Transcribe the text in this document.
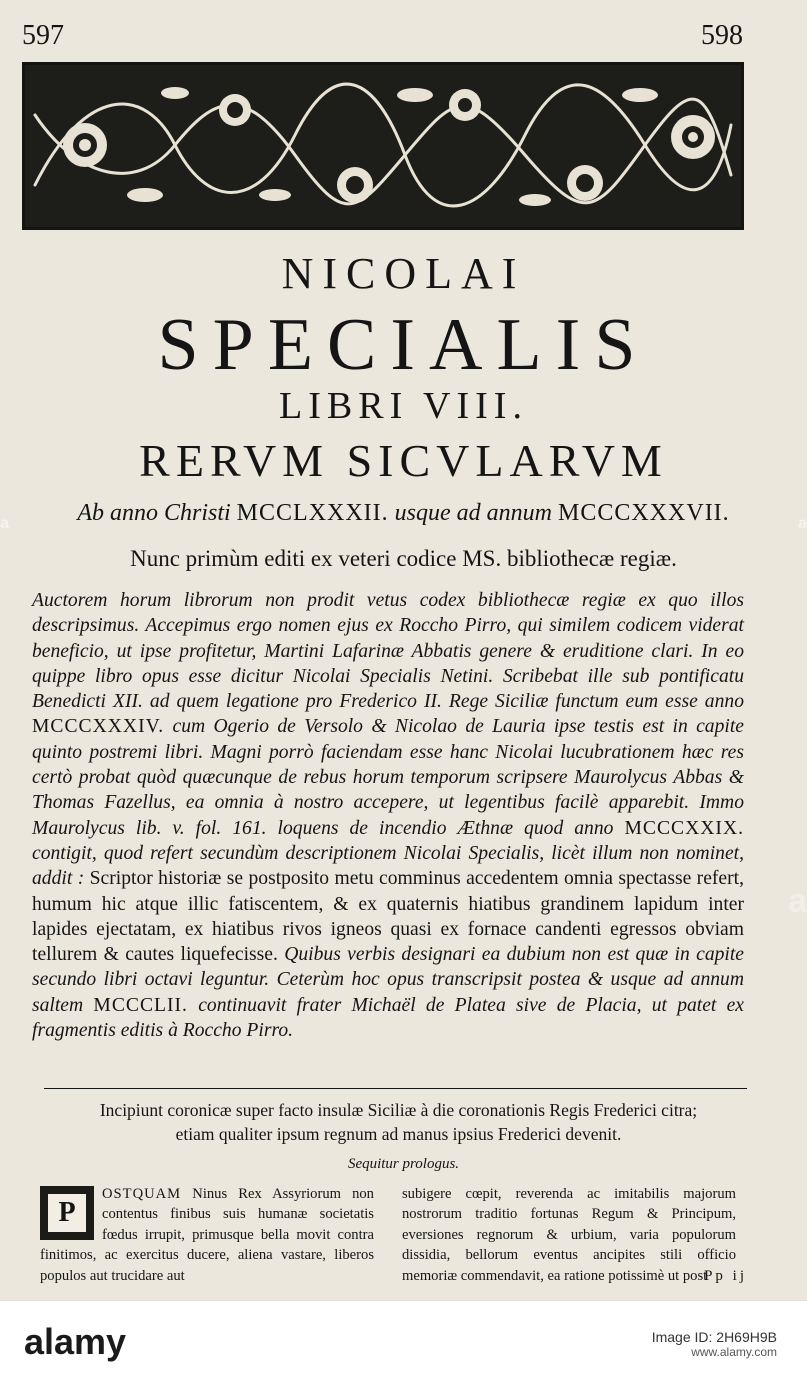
597	598
NICOLAI
SPECIALIS
LIBRI VIII.
RERVM SICVLARVM
Ab anno Christi MCCLXXXII. usque ad annum MCCCXXXVII.
Nunc primùm editi ex veteri codice MS. bibliothecæ regiæ.
Auctorem horum librorum non prodit vetus codex bibliothecæ regiæ ex quo illos descripsimus. Accepimus ergo nomen ejus ex Roccho Pirro, qui similem codicem viderat beneficio, ut ipse profitetur, Martini Lafarinæ Abbatis genere & eruditione clari. In eo quippe libro opus esse dicitur Nicolai Specialis Netini. Scribebat ille sub pontificatu Benedicti XII. ad quem legatione pro Frederico II. Rege Siciliæ functum eum esse anno MCCCXXXIV. cum Ogerio de Versolo & Nicolao de Lauria ipse testis est in capite quinto postremi libri. Magni porrò faciendam esse hanc Nicolai lucubrationem hæc res certò probat quòd quæcunque de rebus horum temporum scripsere Maurolycus Abbas & Thomas Fazellus, ea omnia à nostro accepere, ut legentibus facilè apparebit. Immo Maurolycus lib. v. fol. 161. loquens de incendio Æthnæ quod anno MCCCXXIX. contigit, quod refert secundùm descriptionem Nicolai Specialis, licèt illum non nominet, addit : Scriptor historiæ se postposito metu comminus accedentem omnia spectasse refert, humum hic atque illic fatiscentem, & ex quaternis hiatibus grandinem lapidum inter lapides ejectatam, ex hiatibus rivos igneos quasi ex fornace candenti egressos obviam tellurem & cautes liquefecisse. Quibus verbis designari ea dubium non est quæ in capite secundo libri octavi leguntur. Ceterùm hoc opus transcripsit postea & usque ad annum saltem MCCCLII. continuavit frater Michaël de Platea sive de Placia, ut patet ex fragmentis editis à Roccho Pirro.
Incipiunt coronicæ super facto insulæ Siciliæ à die coronationis Regis Frederici citra;
etiam qualiter ipsum regnum ad manus ipsius Frederici devenit.
Sequitur prologus.
P
OSTQUAM Ninus Rex Assyriorum non contentus finibus suis humanæ societatis fœdus irrupit, primusque bella movit contra finitimos, ac exercitus ducere, aliena vastare, liberos populos aut trucidare aut
subigere cœpit, reverenda ac imitabilis majorum nostrorum traditio fortunas Regum & Principum, eversiones regnorum & urbium, varia populorum dissidia, bellorum eventus ancipites stili officio memoriæ commendavit, ea ratione potissimè ut post
Pp ij
a	a
a
alamy	Image ID: 2H69H9B
www.alamy.com
